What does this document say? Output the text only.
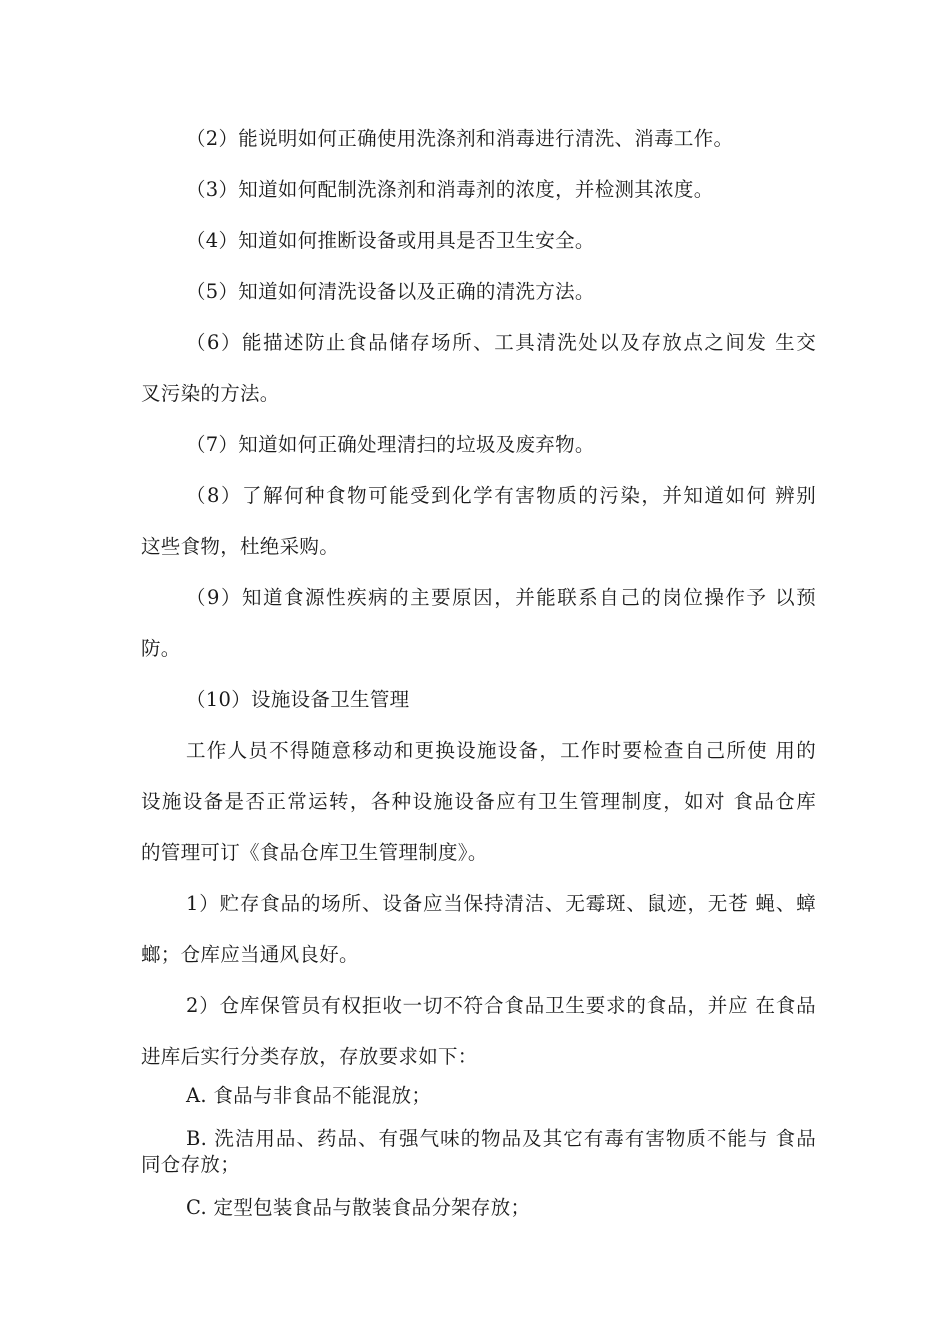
（2）能说明如何正确使用洗涤剂和消毒进行清洗、消毒工作。
（3）知道如何配制洗涤剂和消毒剂的浓度，并检测其浓度。
（4）知道如何推断设备或用具是否卫生安全。
（5）知道如何清洗设备以及正确的清洗方法。
（6）能描述防止食品储存场所、工具清洗处以及存放点之间发 生交
叉污染的方法。
（7）知道如何正确处理清扫的垃圾及废弃物。
（8）了解何种食物可能受到化学有害物质的污染，并知道如何 辨别
这些食物，杜绝采购。
（9）知道食源性疾病的主要原因，并能联系自己的岗位操作予 以预
防。
（10）设施设备卫生管理
工作人员不得随意移动和更换设施设备，工作时要检查自己所使 用的
设施设备是否正常运转，各种设施设备应有卫生管理制度，如对 食品仓库
的管理可订《食品仓库卫生管理制度》。
1）贮存食品的场所、设备应当保持清洁、无霉斑、鼠迹，无苍 蝇、蟑
螂；仓库应当通风良好。
2）仓库保管员有权拒收一切不符合食品卫生要求的食品，并应 在食品
进库后实行分类存放，存放要求如下：
A. 食品与非食品不能混放；
B. 洗洁用品、药品、有强气味的物品及其它有毒有害物质不能与 食品
同仓存放；
C. 定型包装食品与散装食品分架存放；
